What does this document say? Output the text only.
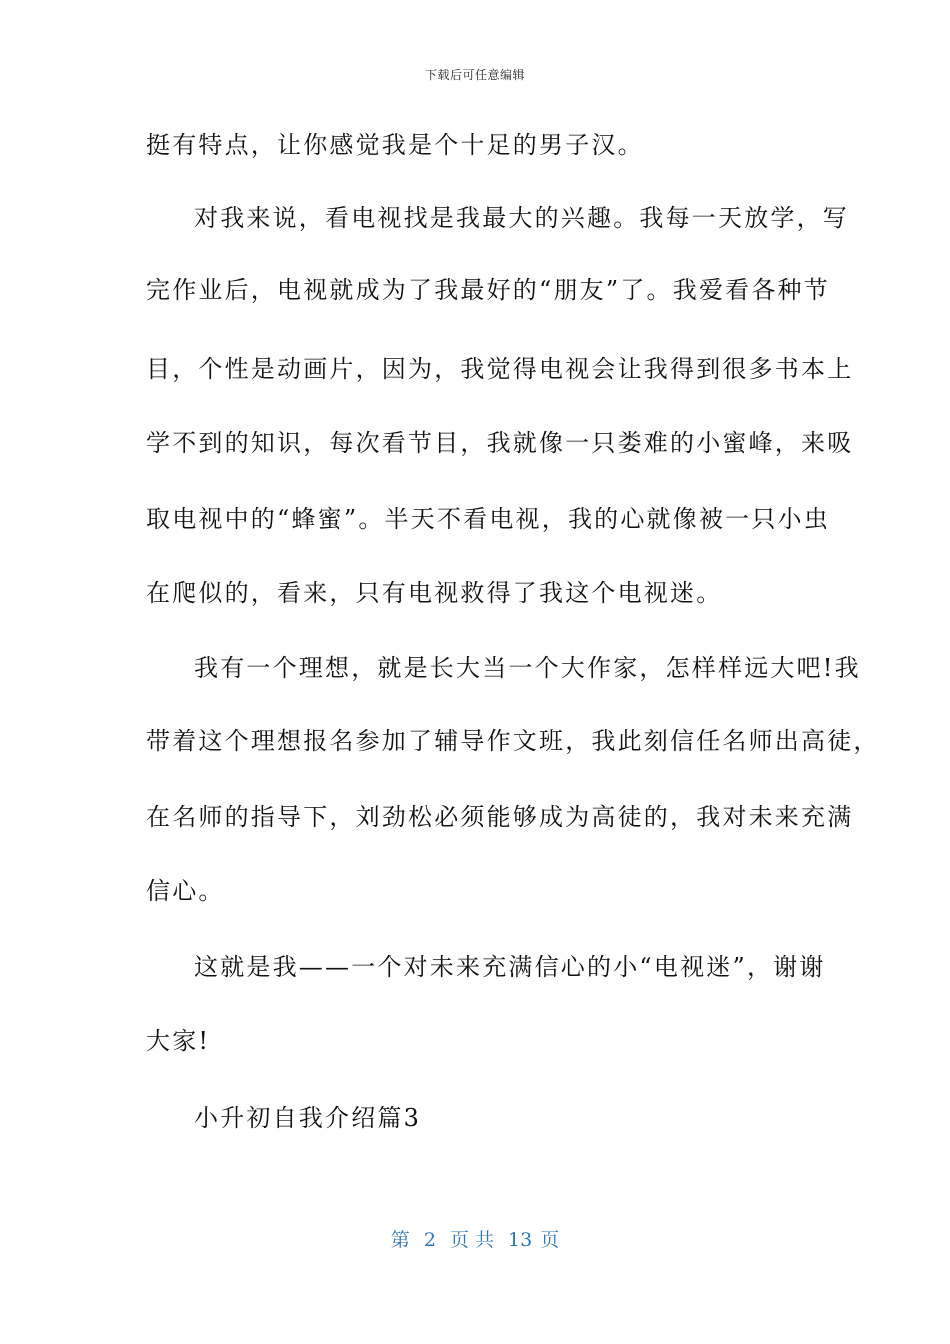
下载后可任意编辑
挺有特点，让你感觉我是个十足的男子汉。
对我来说，看电视找是我最大的兴趣。我每一天放学，写
完作业后，电视就成为了我最好的“朋友”了。我爱看各种节
目，个性是动画片，因为，我觉得电视会让我得到很多书本上
学不到的知识，每次看节目，我就像一只娄难的小蜜峰，来吸
取电视中的“蜂蜜”。半天不看电视，我的心就像被一只小虫
在爬似的，看来，只有电视救得了我这个电视迷。
我有一个理想，就是长大当一个大作家，怎样样远大吧!我
带着这个理想报名参加了辅导作文班，我此刻信任名师出高徒，
在名师的指导下，刘劲松必须能够成为高徒的，我对未来充满
信心。
这就是我——一个对未来充满信心的小“电视迷”，谢谢
大家!
小升初自我介绍篇3
第 2 页 共 13 页
